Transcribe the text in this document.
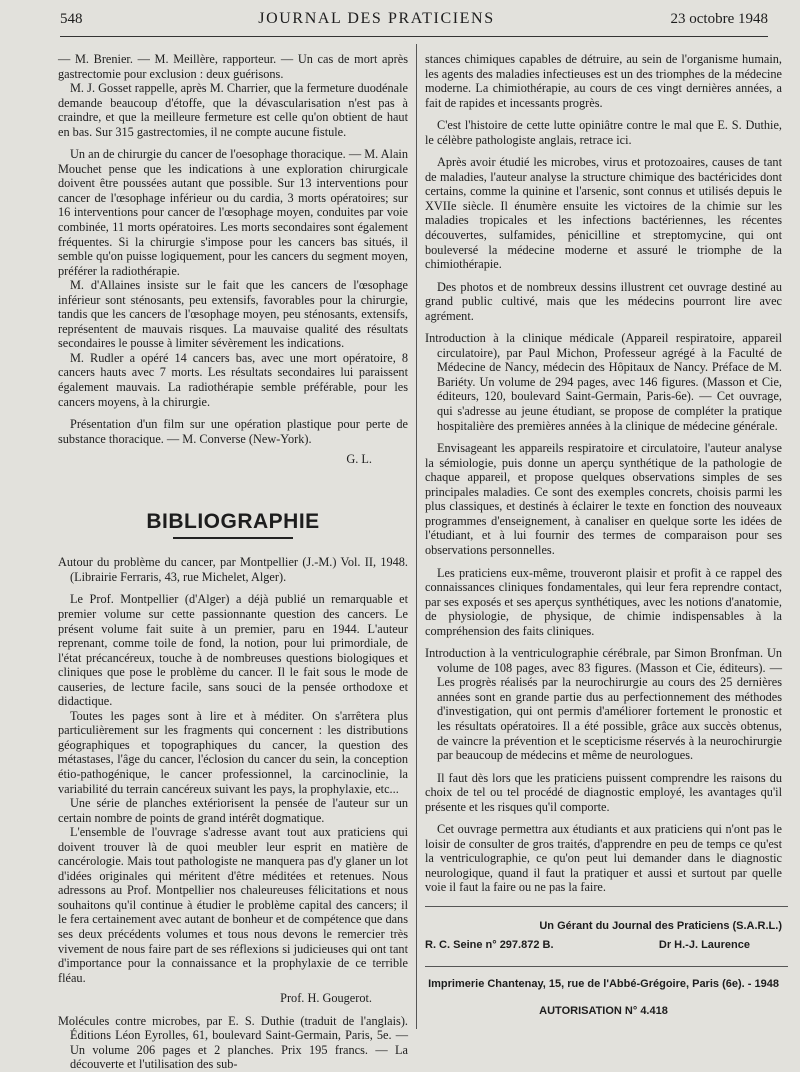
548	JOURNAL DES PRATICIENS	23 octobre 1948

— M. Brenier. — M. Meillère, rapporteur. — Un cas de mort après gastrectomie pour exclusion : deux guérisons.

M. J. Gosset rappelle, après M. Charrier, que la fermeture duodénale demande beaucoup d'étoffe, que la dévascularisation n'est pas à craindre, et que la meilleure fermeture est celle qu'on obtient de haut en bas. Sur 315 gastrectomies, il ne compte aucune fistule.

Un an de chirurgie du cancer de l'oesophage thoracique. — M. Alain Mouchet pense que les indications à une exploration chirurgicale doivent être poussées autant que possible. Sur 13 interventions pour cancer de l'œsophage inférieur ou du cardia, 3 morts opératoires; sur 16 interventions pour cancer de l'œsophage moyen, conduites par voie combinée, 11 morts opératoires. Les morts secondaires sont également fréquentes. Si la chirurgie s'impose pour les cancers bas situés, il semble qu'on puisse logiquement, pour les cancers du segment moyen, préférer la radiothérapie.

M. d'Allaines insiste sur le fait que les cancers de l'œsophage inférieur sont sténosants, peu extensifs, favorables pour la chirurgie, tandis que les cancers de l'œsophage moyen, peu sténosants, extensifs, représentent de mauvais risques. La mauvaise qualité des résultats secondaires le pousse à limiter sévèrement les indications.

M. Rudler a opéré 14 cancers bas, avec une mort opératoire, 8 cancers hauts avec 7 morts. Les résultats secondaires lui paraissent également mauvais. La radiothérapie semble préférable, pour les cancers moyens, à la chirurgie.

Présentation d'un film sur une opération plastique pour perte de substance thoracique. — M. Converse (New-York).

G. L.

BIBLIOGRAPHIE

Autour du problème du cancer, par Montpellier (J.-M.) Vol. II, 1948. (Librairie Ferraris, 43, rue Michelet, Alger).

Le Prof. Montpellier (d'Alger) a déjà publié un remarquable et premier volume sur cette passionnante question des cancers. Le présent volume fait suite à un premier, paru en 1944. L'auteur reprenant, comme toile de fond, la notion, pour lui primordiale, de l'état précancéreux, touche à de nombreuses questions biologiques et cliniques que pose le problème du cancer. Il le fait sous le mode de causeries, de lecture facile, sans souci de la pensée orthodoxe et didactique.

Toutes les pages sont à lire et à méditer. On s'arrêtera plus particulièrement sur les fragments qui concernent : les distributions géographiques et topographiques du cancer, la question des métastases, l'âge du cancer, l'éclosion du cancer du sein, la conception étio-pathogénique, le cancer professionnel, la carcinoclinie, la variabilité du terrain cancéreux suivant les pays, la prophylaxie, etc...

Une série de planches extériorisent la pensée de l'auteur sur un certain nombre de points de grand intérêt dogmatique.

L'ensemble de l'ouvrage s'adresse avant tout aux praticiens qui doivent trouver là de quoi meubler leur esprit en matière de cancérologie. Mais tout pathologiste ne manquera pas d'y glaner un lot d'idées originales qui méritent d'être méditées et retenues. Nous adressons au Prof. Montpellier nos chaleureuses félicitations et nous souhaitons qu'il continue à étudier le problème capital des cancers; il le fera certainement avec autant de bonheur et de compétence que dans ses deux précédents volumes et tous nous devons le remercier très vivement de nous faire part de ses réflexions si judicieuses qui ont tant d'importance pour la connaissance et la prophylaxie de ce terrible fléau.

Prof. H. Gougerot.

Molécules contre microbes, par E. S. Duthie (traduit de l'anglais). Éditions Léon Eyrolles, 61, boulevard Saint-Germain, Paris, 5e. — Un volume 206 pages et 2 planches. Prix 195 francs. — La découverte et l'utilisation des sub-

stances chimiques capables de détruire, au sein de l'organisme humain, les agents des maladies infectieuses est un des triomphes de la médecine moderne. La chimiothérapie, au cours de ces vingt dernières années, a fait de rapides et incessants progrès.

C'est l'histoire de cette lutte opiniâtre contre le mal que E. S. Duthie, le célèbre pathologiste anglais, retrace ici.

Après avoir étudié les microbes, virus et protozoaires, causes de tant de maladies, l'auteur analyse la structure chimique des bactéricides dont certains, comme la quinine et l'arsenic, sont connus et utilisés depuis le XVIIe siècle. Il énumère ensuite les victoires de la chimie sur les maladies tropicales et les infections bactériennes, les récentes découvertes, sulfamides, pénicilline et streptomycine, qui ont bouleversé la médecine moderne et assuré le triomphe de la chimiothérapie.

Des photos et de nombreux dessins illustrent cet ouvrage destiné au grand public cultivé, mais que les médecins pourront lire avec agrément.

Introduction à la clinique médicale (Appareil respiratoire, appareil circulatoire), par Paul Michon, Professeur agrégé à la Faculté de Médecine de Nancy, médecin des Hôpitaux de Nancy. Préface de M. Bariéty. Un volume de 294 pages, avec 146 figures. (Masson et Cie, éditeurs, 120, boulevard Saint-Germain, Paris-6e). — Cet ouvrage, qui s'adresse au jeune étudiant, se propose de compléter la pratique hospitalière des premières années à la clinique de médecine générale.

Envisageant les appareils respiratoire et circulatoire, l'auteur analyse la sémiologie, puis donne un aperçu synthétique de la pathologie de chaque appareil, et propose quelques observations simples de ses principales maladies. Ce sont des exemples concrets, choisis parmi les plus classiques, et destinés à éclairer le texte en fonction des nouveaux programmes d'enseignement, à canaliser en quelque sorte les idées de l'étudiant, et à lui fournir des termes de comparaison pour ses observations personnelles.

Les praticiens eux-même, trouveront plaisir et profit à ce rappel des connaissances cliniques fondamentales, qui leur fera reprendre contact, par ses exposés et ses aperçus synthétiques, avec les notions d'anatomie, de physiologie, de physique, de chimie indispensables à la compréhension des faits cliniques.

Introduction à la ventriculographie cérébrale, par Simon Bronfman. Un volume de 108 pages, avec 83 figures. (Masson et Cie, éditeurs). — Les progrès réalisés par la neurochirurgie au cours des 25 dernières années sont en grande partie dus au perfectionnement des méthodes d'investigation, qui ont permis d'améliorer fortement le pronostic et les résultats opératoires. Il a été possible, grâce aux succès obtenus, de vaincre la prévention et le scepticisme réservés à la neurochirurgie par beaucoup de médecins et même de neurologues.

Il faut dès lors que les praticiens puissent comprendre les raisons du choix de tel ou tel procédé de diagnostic employé, les avantages qu'il présente et les risques qu'il comporte.

Cet ouvrage permettra aux étudiants et aux praticiens qui n'ont pas le loisir de consulter de gros traités, d'apprendre en peu de temps ce qu'est la ventriculographie, ce qu'on peut lui demander dans le diagnostic neurologique, quand il faut la pratiquer et aussi et surtout par quelle voie il faut la faire ou ne pas la faire.

Un Gérant du Journal des Praticiens (S.A.R.L.)
R. C. Seine n° 297.872 B.	Dr H.-J. Laurence
Imprimerie Chantenay, 15, rue de l'Abbé-Grégoire, Paris (6e). - 1948
AUTORISATION N° 4.418
